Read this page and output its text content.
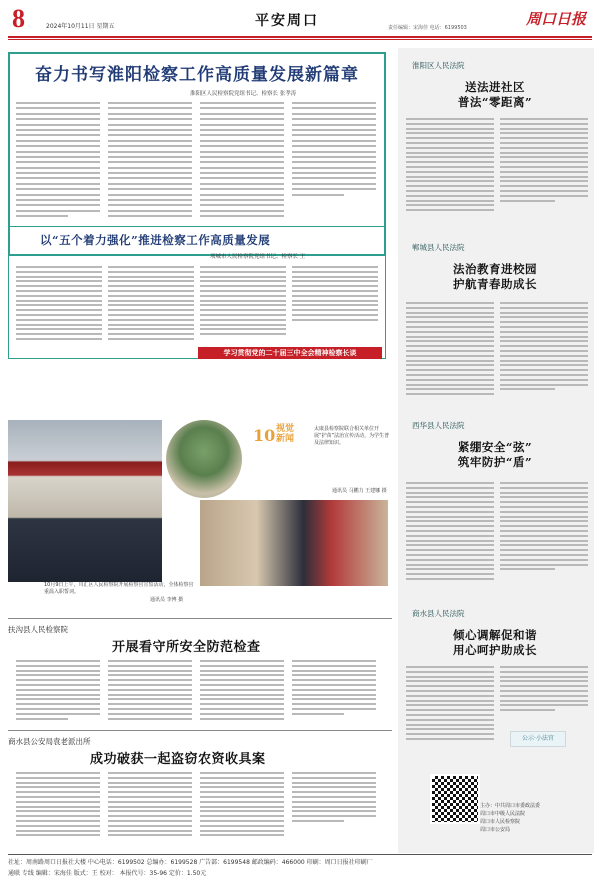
8	2024年10月11日 星期五	平安周口	责任编辑：宋海佳 电话：6199503	周口日报
奋力书写淮阳检察工作高质量发展新篇章
淮阳区人民检察院党组书记、检察长 张孝涛
以“五个着力强化”推进检察工作高质量发展
项城市人民检察院党组书记、检察长 王
学习贯彻党的二十届三中全会精神检察长谈
10 视觉
新闻
太康县检察院联合相关单位开展“护苗”法治宣传活动，为学生普及法律知识。
通讯员 马鹏力 王建娜 摄
10月9日上午，川汇区人民检察院开展检察官宣誓活动，全体检察官重温入职誓词。
通讯员 李博 摄
扶沟县人民检察院
开展看守所安全防范检查
商水县公安局袁老派出所
成功破获一起盗窃农资收具案
淮阳区人民法院
送法进社区
普法“零距离”
郸城县人民法院
法治教育进校园
护航青春助成长
西华县人民法院
紧绷安全“弦”
筑牢防护“盾”
商水县人民法院
倾心调解促和谐
用心呵护助成长
公示·小法官
主办：中共周口市委政法委
周口市中级人民法院
周口市人民检察院
周口市公安局
社址：周南路周口日报社大楼 中心电话：6199502 总编办：6199528 广告部：6199548 邮政编码：466000 印刷：周口日报社印刷厂
通联 专线 编辑：宋海佳 版式：王 校对： 本报代号：35-96 定价：1.50元
